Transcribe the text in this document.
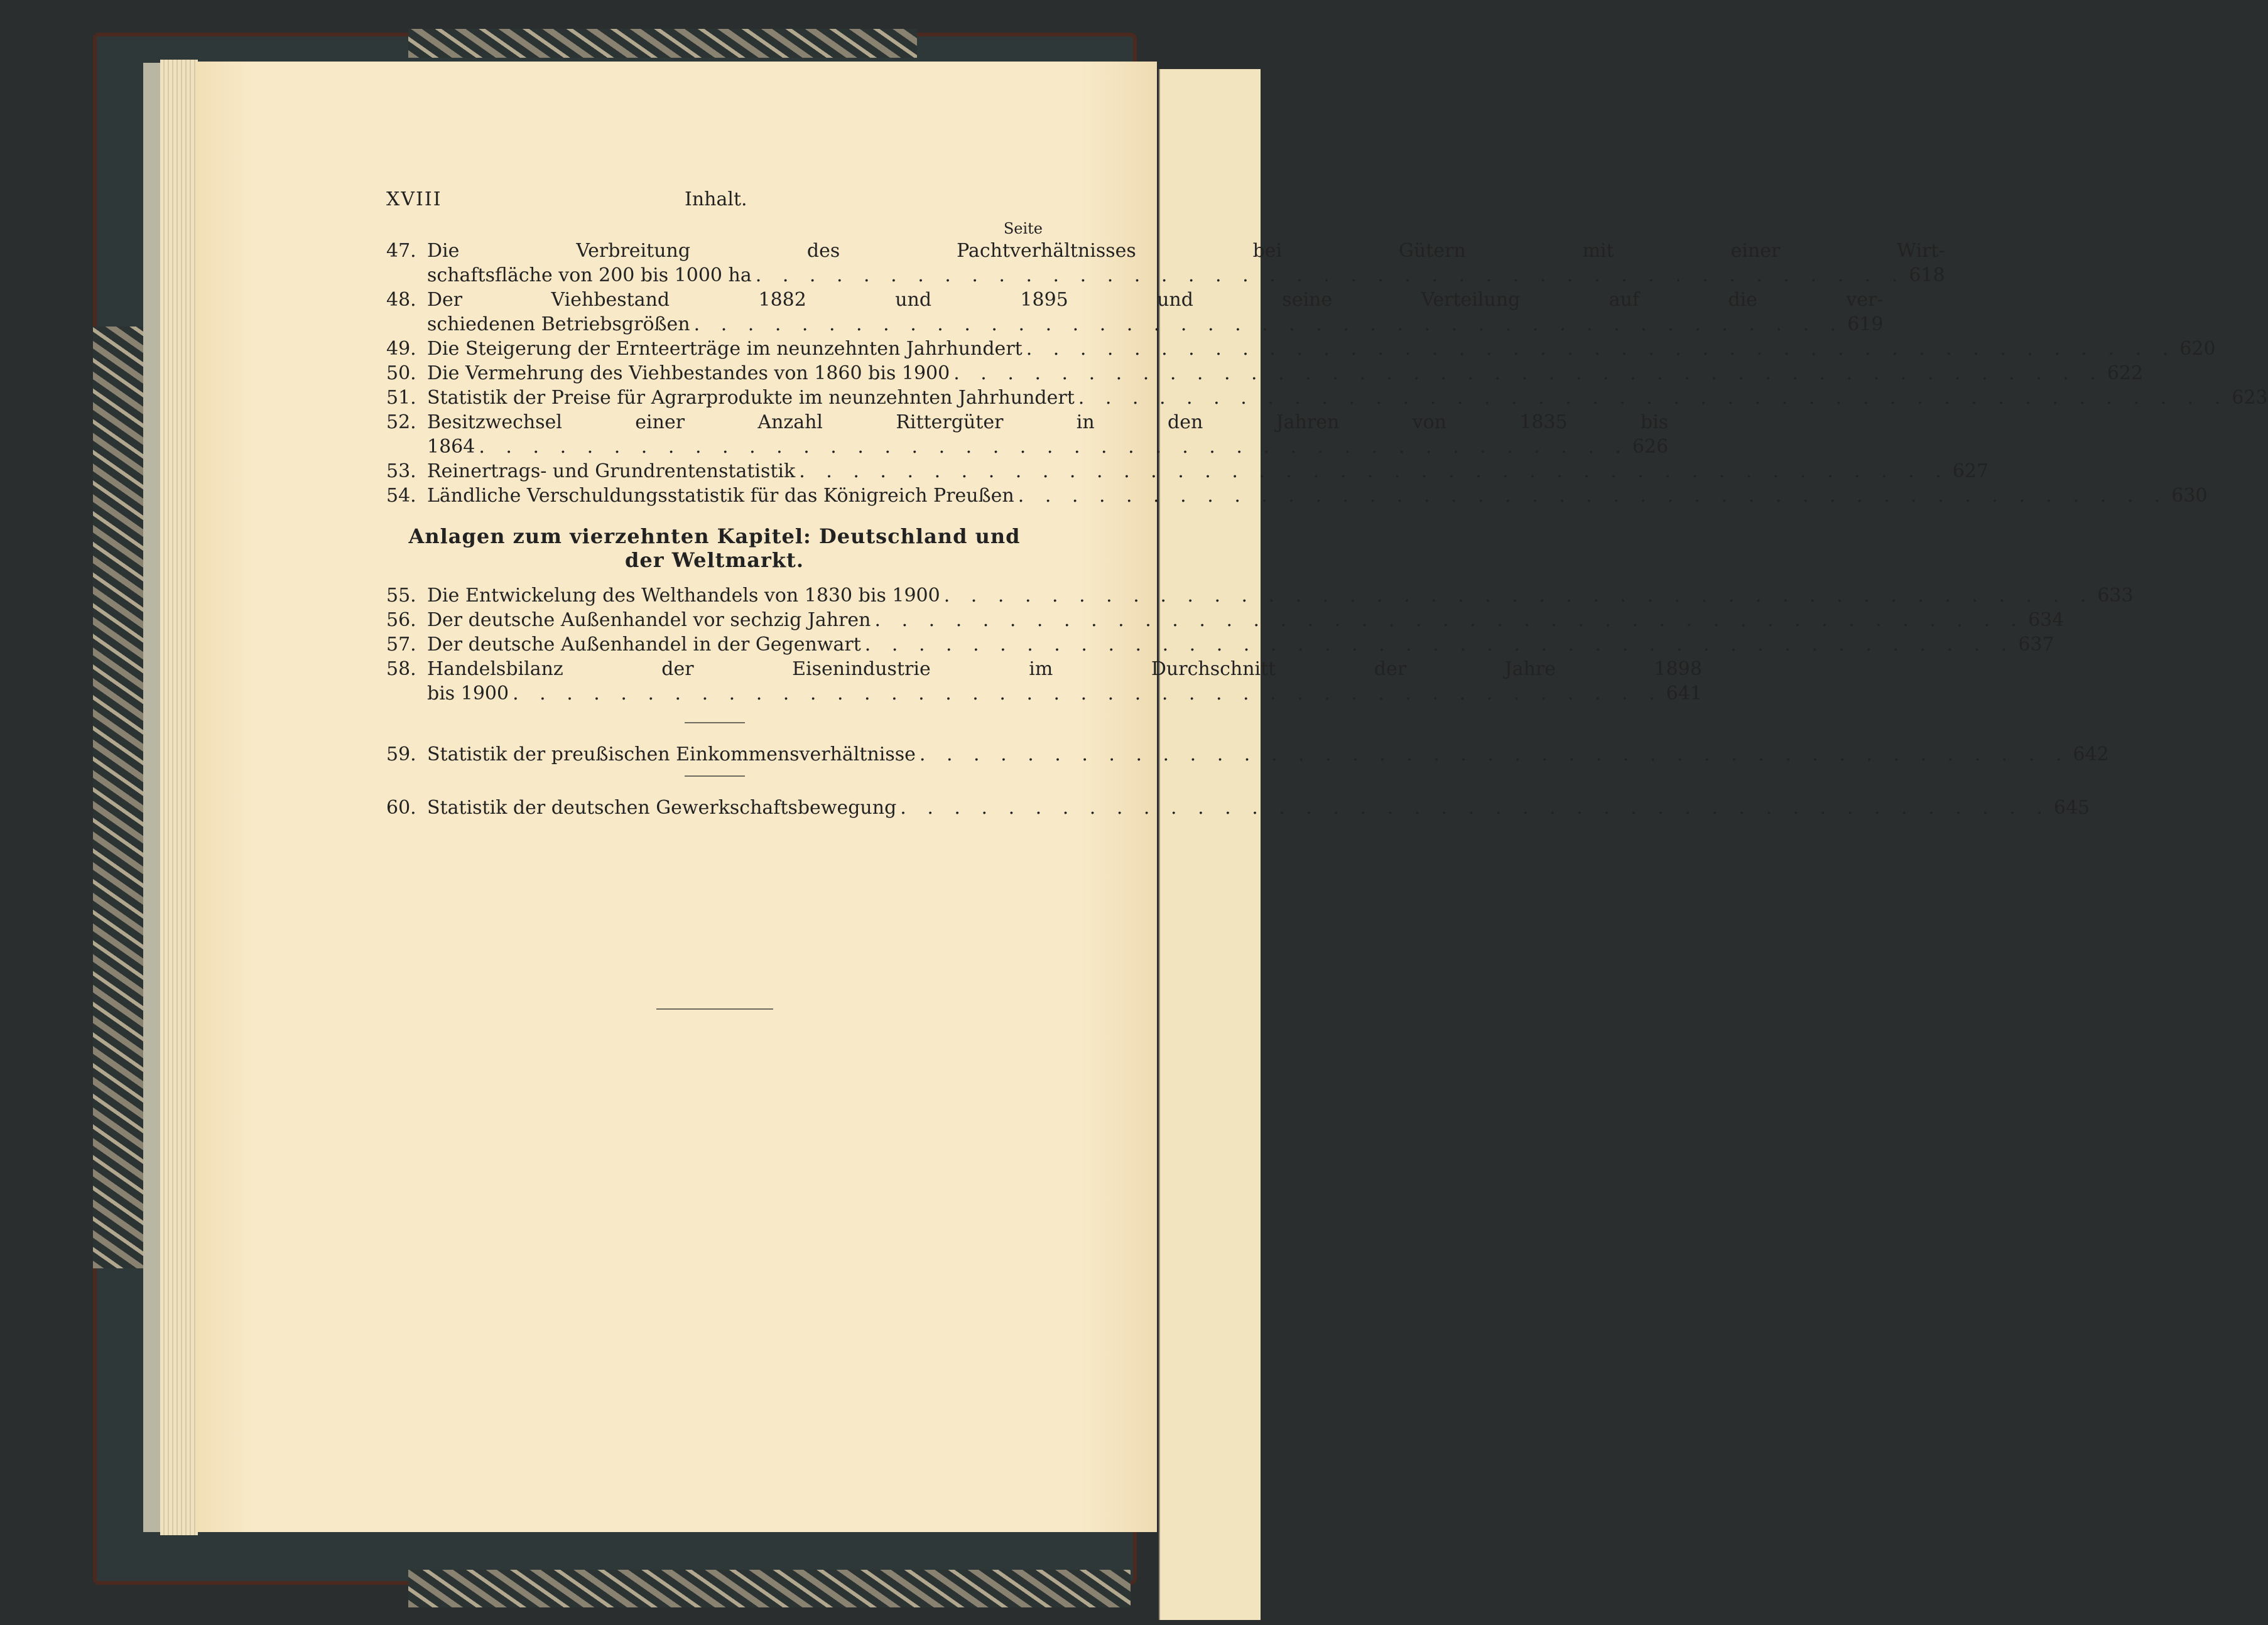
XVIII	Inhalt.
Seite
47. Die Verbreitung des Pachtverhältnisses bei Gütern mit einer Wirt-
schaftsfläche von 200 bis 1000 ha . . . . . . . . . . . . . . . . . . . . . . . . . . . . . . . . . . . . . . . . . . . 618
48. Der Viehbestand 1882 und 1895 und seine Verteilung auf die ver-
schiedenen Betriebsgrößen . . . . . . . . . . . . . . . . . . . . . . . . . . . . . . . . . . . . . . . . . . . 619
49. Die Steigerung der Ernteerträge im neunzehnten Jahrhundert . . . . . . . . . . . . . . . . . . . . . . . . . . . . . . . . . . . . . . . . . . . 620
50. Die Vermehrung des Viehbestandes von 1860 bis 1900 . . . . . . . . . . . . . . . . . . . . . . . . . . . . . . . . . . . . . . . . . . . 622
51. Statistik der Preise für Agrarprodukte im neunzehnten Jahrhundert . . . . . . . . . . . . . . . . . . . . . . . . . . . . . . . . . . . . . . . . . . . 623
52. Besitzwechsel einer Anzahl Rittergüter in den Jahren von 1835 bis
1864 . . . . . . . . . . . . . . . . . . . . . . . . . . . . . . . . . . . . . . . . . . . 626
53. Reinertrags- und Grundrentenstatistik . . . . . . . . . . . . . . . . . . . . . . . . . . . . . . . . . . . . . . . . . . . 627
54. Ländliche Verschuldungsstatistik für das Königreich Preußen . . . . . . . . . . . . . . . . . . . . . . . . . . . . . . . . . . . . . . . . . . . 630
Anlagen zum vierzehnten Kapitel: Deutschland und der Weltmarkt.
55. Die Entwickelung des Welthandels von 1830 bis 1900 . . . . . . . . . . . . . . . . . . . . . . . . . . . . . . . . . . . . . . . . . . . 633
56. Der deutsche Außenhandel vor sechzig Jahren . . . . . . . . . . . . . . . . . . . . . . . . . . . . . . . . . . . . . . . . . . . 634
57. Der deutsche Außenhandel in der Gegenwart . . . . . . . . . . . . . . . . . . . . . . . . . . . . . . . . . . . . . . . . . . . 637
58. Handelsbilanz der Eisenindustrie im Durchschnitt der Jahre 1898
bis 1900 . . . . . . . . . . . . . . . . . . . . . . . . . . . . . . . . . . . . . . . . . . . 641
59. Statistik der preußischen Einkommensverhältnisse . . . . . . . . . . . . . . . . . . . . . . . . . . . . . . . . . . . . . . . . . . . 642
60. Statistik der deutschen Gewerkschaftsbewegung . . . . . . . . . . . . . . . . . . . . . . . . . . . . . . . . . . . . . . . . . . . 645
